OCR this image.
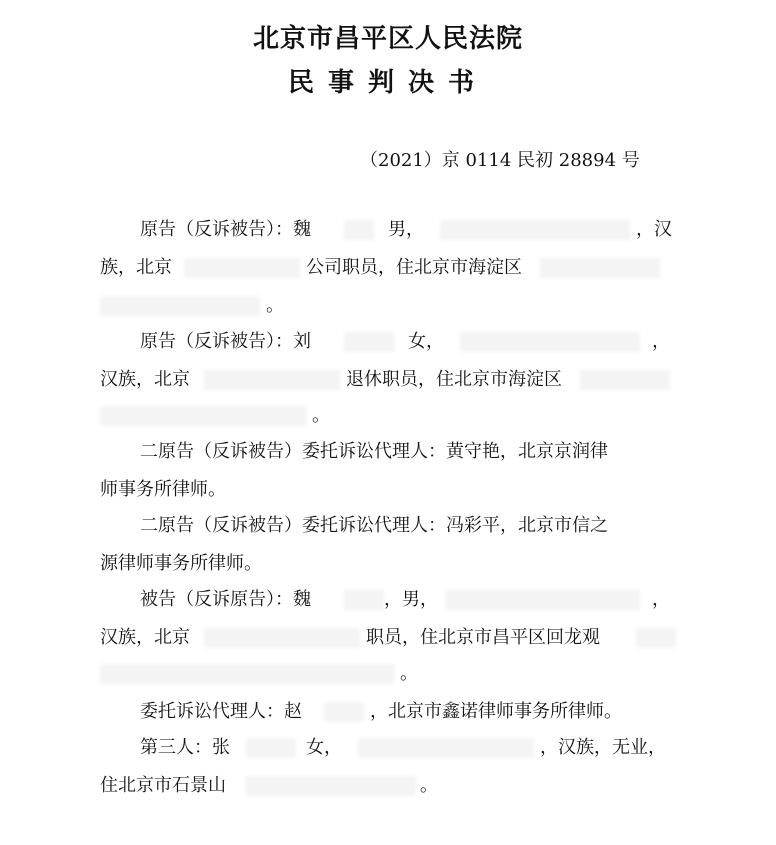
北京市昌平区人民法院
民事判决书
（2021）京 0114 民初 28894 号
原告（反诉被告）：魏	男，	，汉
族，北京	公司职员，住北京市海淀区
。
原告（反诉被告）：刘	女，	，
汉族，北京	退休职员，住北京市海淀区
。
二原告（反诉被告）委托诉讼代理人：黄守艳，北京京润律
师事务所律师。
二原告（反诉被告）委托诉讼代理人：冯彩平，北京市信之
源律师事务所律师。
被告（反诉原告）：魏	，男，	，
汉族，北京	职员，住北京市昌平区回龙观
。
委托诉讼代理人：赵	，北京市鑫诺律师事务所律师。
第三人：张	女，	，汉族，无业，
住北京市石景山	。
